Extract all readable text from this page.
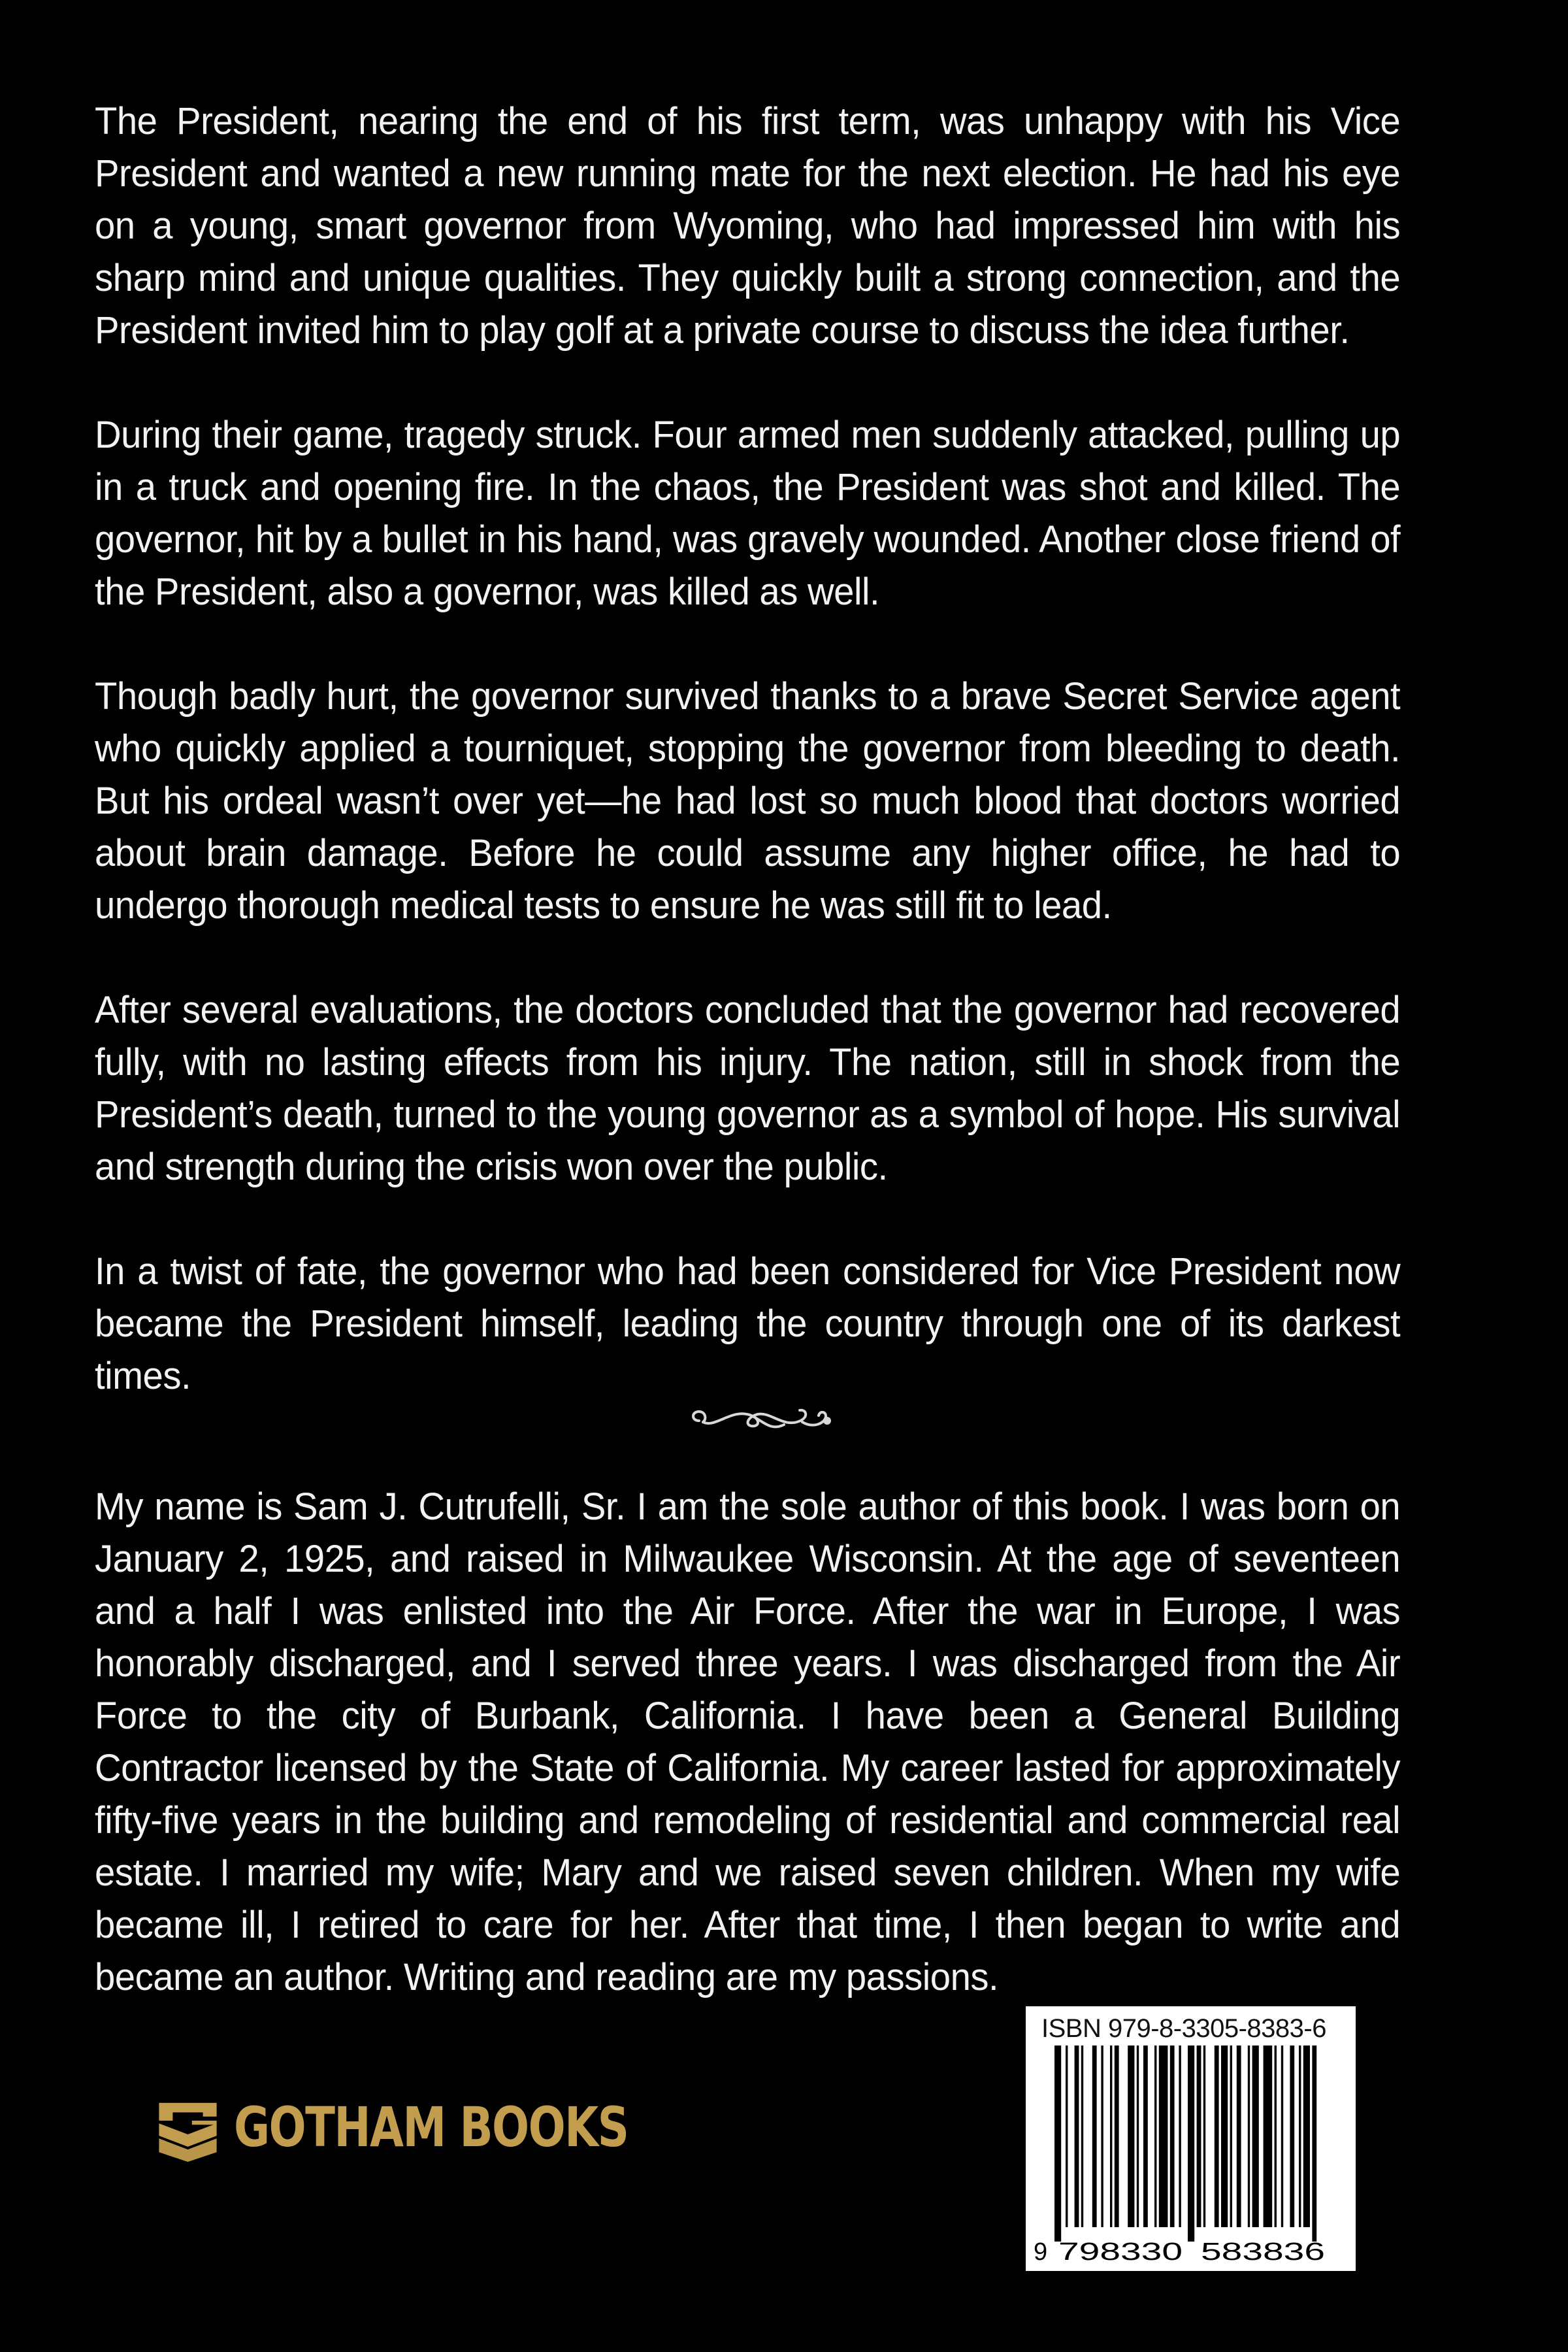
The President, nearing the end of his first term, was unhappy with his Vice President and wanted a new running mate for the next election. He had his eye on a young, smart governor from Wyoming, who had impressed him with his sharp mind and unique qualities. They quickly built a strong connection, and the President invited him to play golf at a private course to discuss the idea further.

During their game, tragedy struck. Four armed men suddenly attacked, pulling up in a truck and opening fire. In the chaos, the President was shot and killed. The governor, hit by a bullet in his hand, was gravely wounded. Another close friend of the President, also a governor, was killed as well.

Though badly hurt, the governor survived thanks to a brave Secret Service agent who quickly applied a tourniquet, stopping the governor from bleeding to death. But his ordeal wasn’t over yet—he had lost so much blood that doctors worried about brain damage. Before he could assume any higher office, he had to undergo thorough medical tests to ensure he was still fit to lead.

After several evaluations, the doctors concluded that the governor had recovered fully, with no lasting effects from his injury. The nation, still in shock from the President’s death, turned to the young governor as a symbol of hope. His survival and strength during the crisis won over the public.

In a twist of fate, the governor who had been considered for Vice President now became the President himself, leading the country through one of its darkest times.

My name is Sam J. Cutrufelli, Sr. I am the sole author of this book. I was born on January 2, 1925, and raised in Milwaukee Wisconsin. At the age of seventeen and a half I was enlisted into the Air Force. After the war in Europe, I was honorably discharged, and I served three years. I was discharged from the Air Force to the city of Burbank, California. I have been a General Building Contractor licensed by the State of California. My career lasted for approximately fifty-five years in the building and remodeling of residential and commercial real estate. I married my wife; Mary and we raised seven children. When my wife became ill, I retired to care for her. After that time, I then began to write and became an author. Writing and reading are my passions.

GOTHAM BOOKS
ISBN 979-8-3305-8383-6
9 798330 583836
